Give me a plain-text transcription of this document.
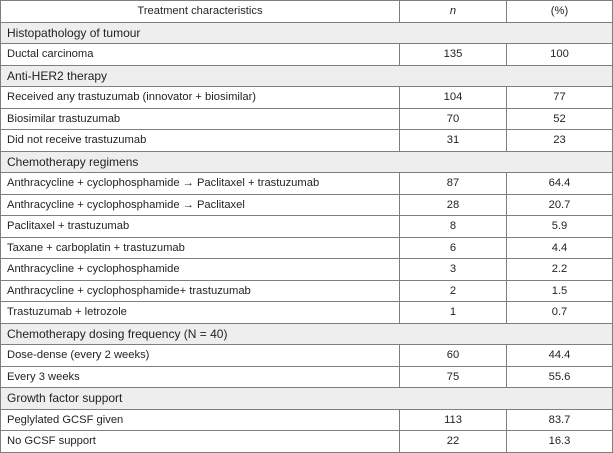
Treatment characteristics	n	(%)
Histopathology of tumour		
Ductal carcinoma	135	100
Anti-HER2 therapy		
Received any trastuzumab (innovator + biosimilar)	104	77
Biosimilar trastuzumab	70	52
Did not receive trastuzumab	31	23
Chemotherapy regimens		
Anthracycline + cyclophosphamide → Paclitaxel + trastuzumab	87	64.4
Anthracycline + cyclophosphamide → Paclitaxel	28	20.7
Paclitaxel + trastuzumab	8	5.9
Taxane + carboplatin + trastuzumab	6	4.4
Anthracycline + cyclophosphamide	3	2.2
Anthracycline + cyclophosphamide+ trastuzumab	2	1.5
Trastuzumab + letrozole	1	0.7
Chemotherapy dosing frequency (N = 40)		
Dose-dense (every 2 weeks)	60	44.4
Every 3 weeks	75	55.6
Growth factor support		
Peglylated GCSF given	113	83.7
No GCSF support	22	16.3
